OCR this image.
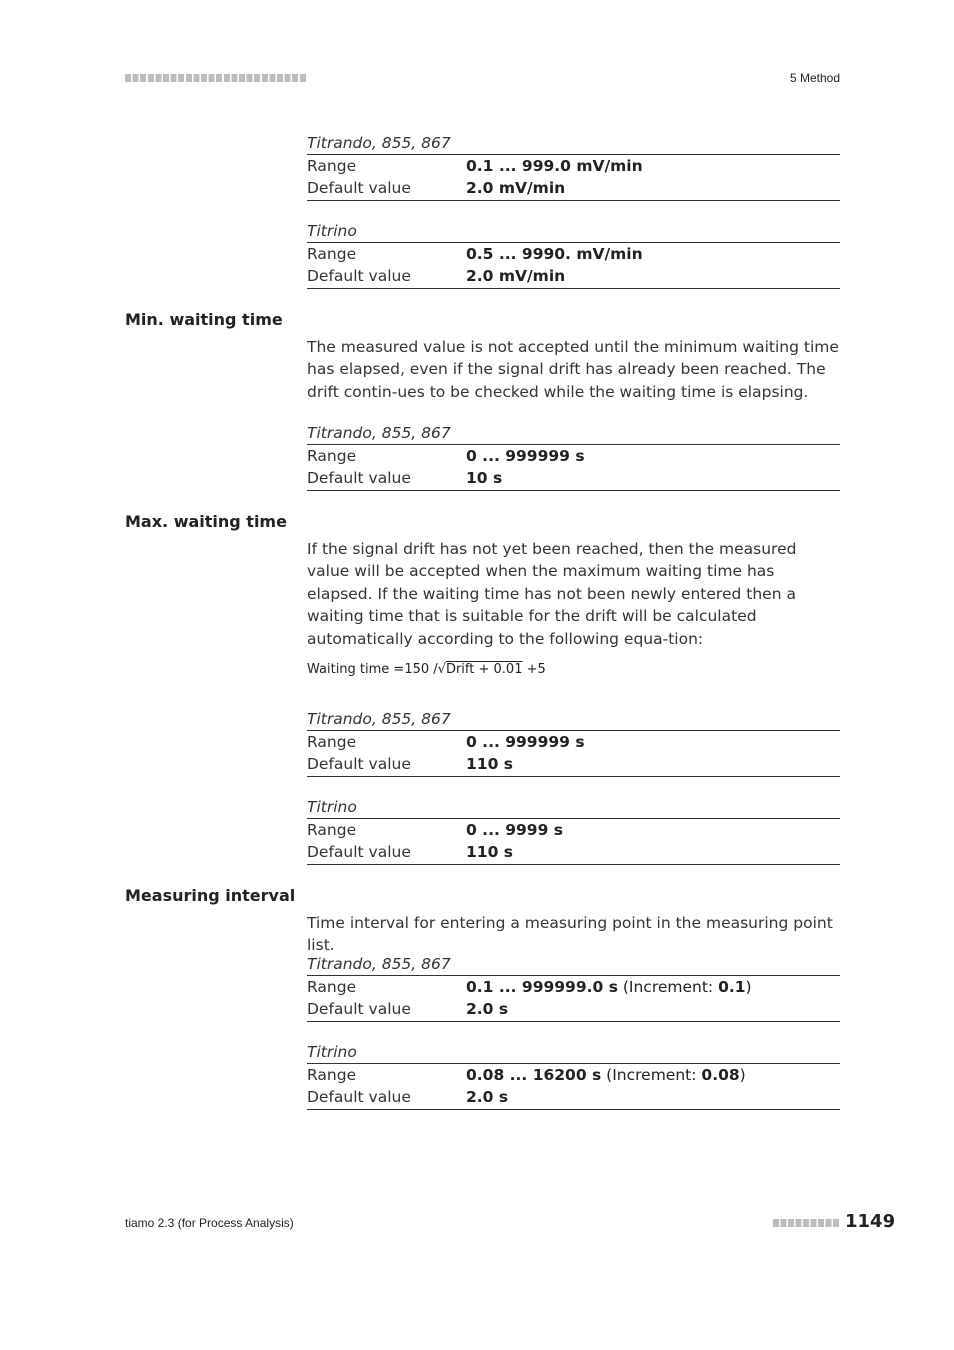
5 Method
Titrando, 855, 867
Range	0.1 ... 999.0 mV/min
Default value	2.0 mV/min
Titrino
Range	0.5 ... 9990. mV/min
Default value	2.0 mV/min
Min. waiting time
The measured value is not accepted until the minimum waiting time has elapsed, even if the signal drift has already been reached. The drift contin-ues to be checked while the waiting time is elapsing.
Titrando, 855, 867
Range	0 ... 999999 s
Default value	10 s
Max. waiting time
If the signal drift has not yet been reached, then the measured value will be accepted when the maximum waiting time has elapsed. If the waiting time has not been newly entered then a waiting time that is suitable for the drift will be calculated automatically according to the following equa-tion:
Waiting time =150 /√Drift + 0.01 +5
Titrando, 855, 867
Range	0 ... 999999 s
Default value	110 s
Titrino
Range	0 ... 9999 s
Default value	110 s
Measuring interval
Time interval for entering a measuring point in the measuring point list.
Titrando, 855, 867
Range	0.1 ... 999999.0 s (Increment: 0.1)
Default value	2.0 s
Titrino
Range	0.08 ... 16200 s (Increment: 0.08)
Default value	2.0 s
tiamo 2.3 (for Process Analysis)	1149
